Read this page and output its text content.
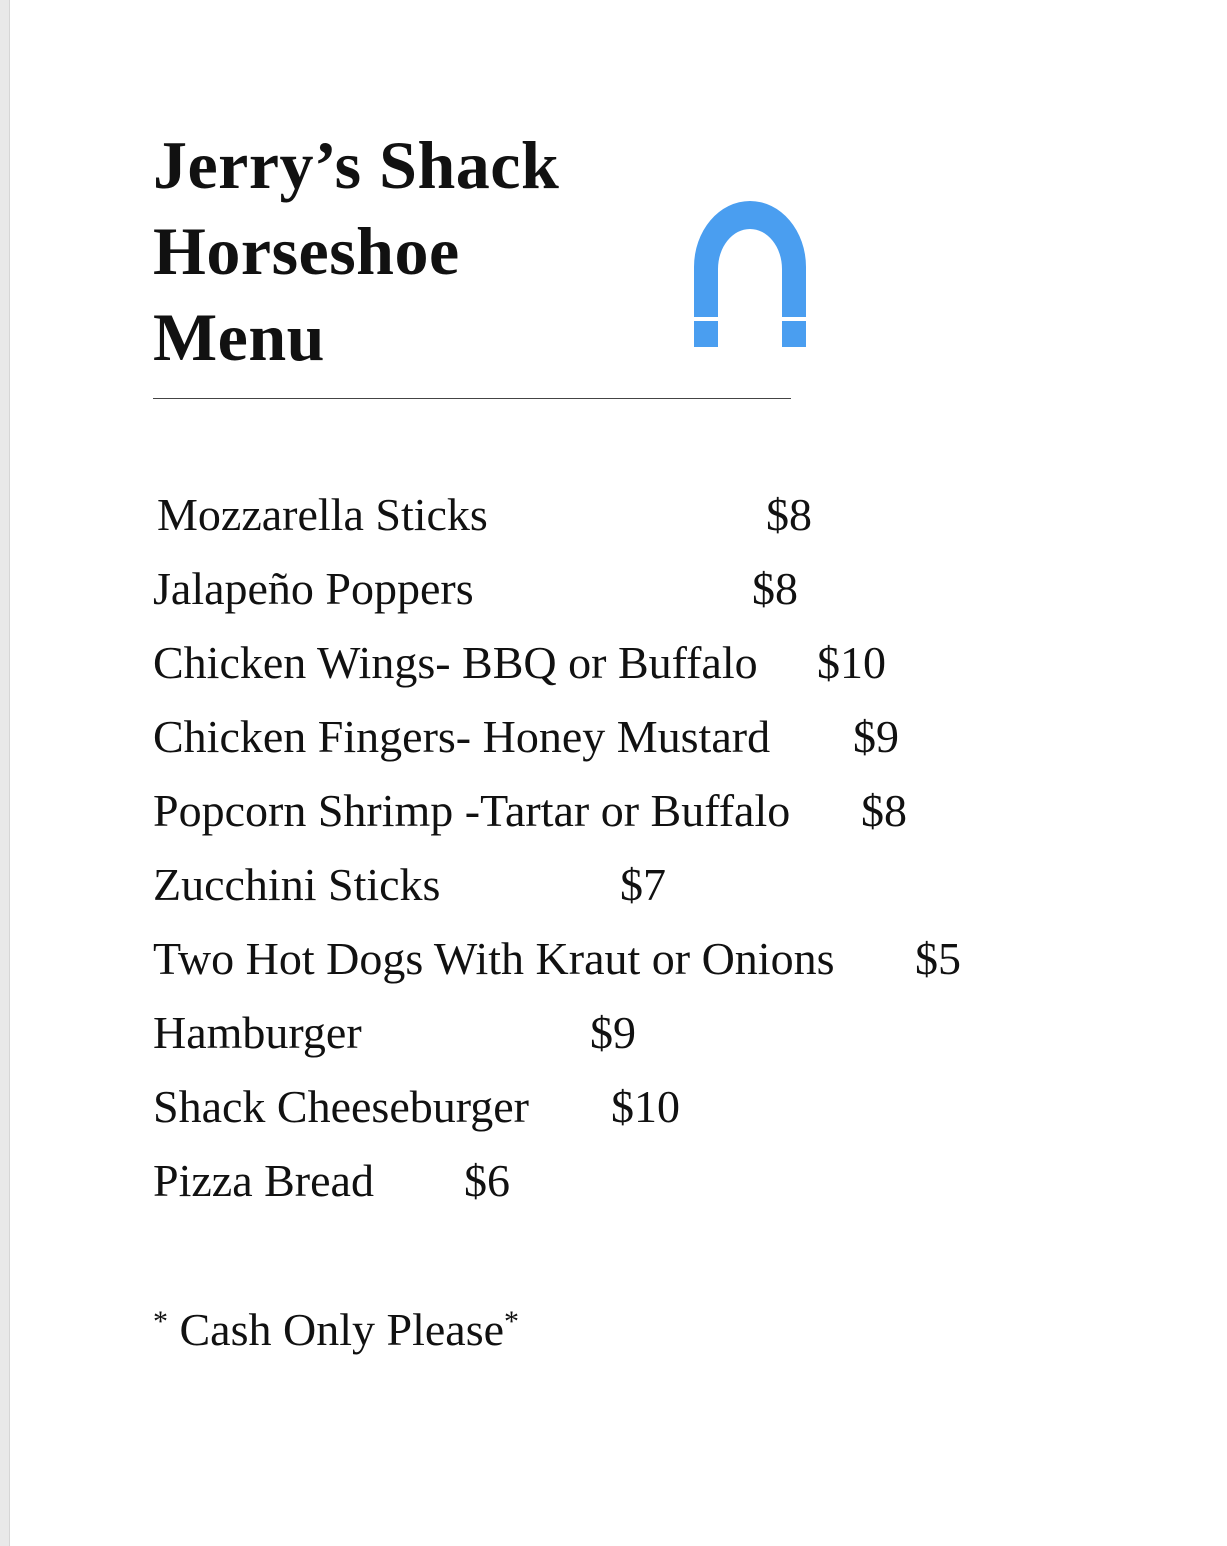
Jerry’s Shack
Horseshoe
Menu
Mozzarella Sticks	$8
Jalapeño Poppers	$8
Chicken Wings- BBQ or Buffalo $10
Chicken Fingers- Honey Mustard $9
Popcorn Shrimp -Tartar or Buffalo $8
Zucchini Sticks	$7
Two Hot Dogs With Kraut or Onions $5
Hamburger	$9
Shack Cheeseburger $10
Pizza Bread $6
* Cash Only Please*
